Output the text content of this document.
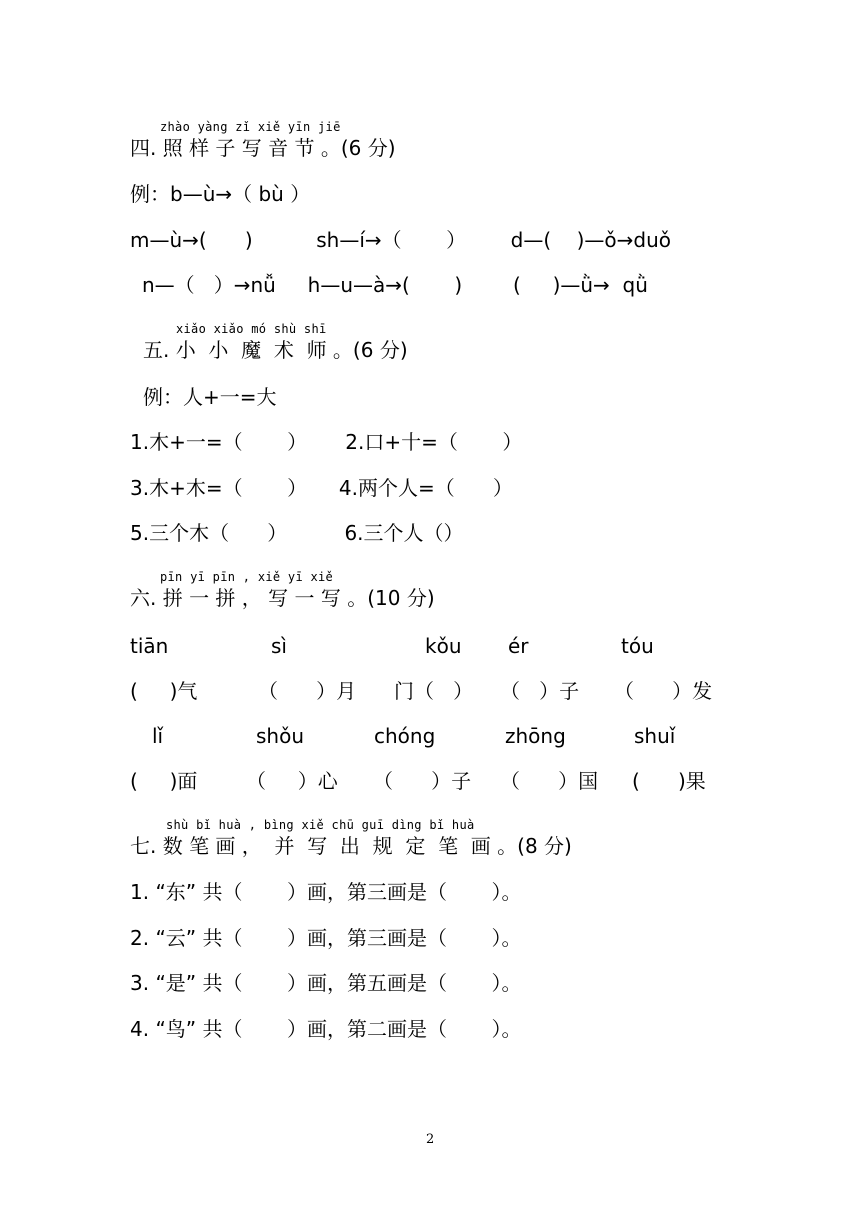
zhào yàng zǐ xiě yīn jiē
四. 照 样 子 写 音 节 。(6 分)
例：b—ù→（ bù ）
m—ù→(      )          sh—í→（       ）       d—(    )—ǒ→duǒ
n—（   ）→nǚ     h—u—à→(       )        (     )—ǜ→  qǜ
xiǎo xiǎo mó shù shī
五. 小  小  魔  术  师 。(6 分)
例：人+一=大
1.木+一=（       ）      2.口+十=（       ）
3.木+木=（       ）     4.两个人=（      ）
5.三个木（      ）         6.三个人（）
pīn yī pīn , xiě yī xiě
六. 拼 一 拼 ， 写 一 写 。(10 分)
tiān	sì	kǒu ér	tóu
(     )气	（      ）月 门（   ） （   ）子 （      ）发
lǐ	shǒu	chóng	zhōng	shuǐ
(     )面 （     ）心 （      ）子 （      ）国 (      )果
shù bǐ huà , bìng xiě chū guī dìng bǐ huà
七. 数 笔 画 ，  并  写  出  规  定  笔  画 。(8 分)
1. “东” 共（       ）画，第三画是（       ）。
2. “云” 共（       ）画，第三画是（       ）。
3. “是” 共（       ）画，第五画是（       ）。
4. “鸟” 共（       ）画，第二画是（       ）。
2
